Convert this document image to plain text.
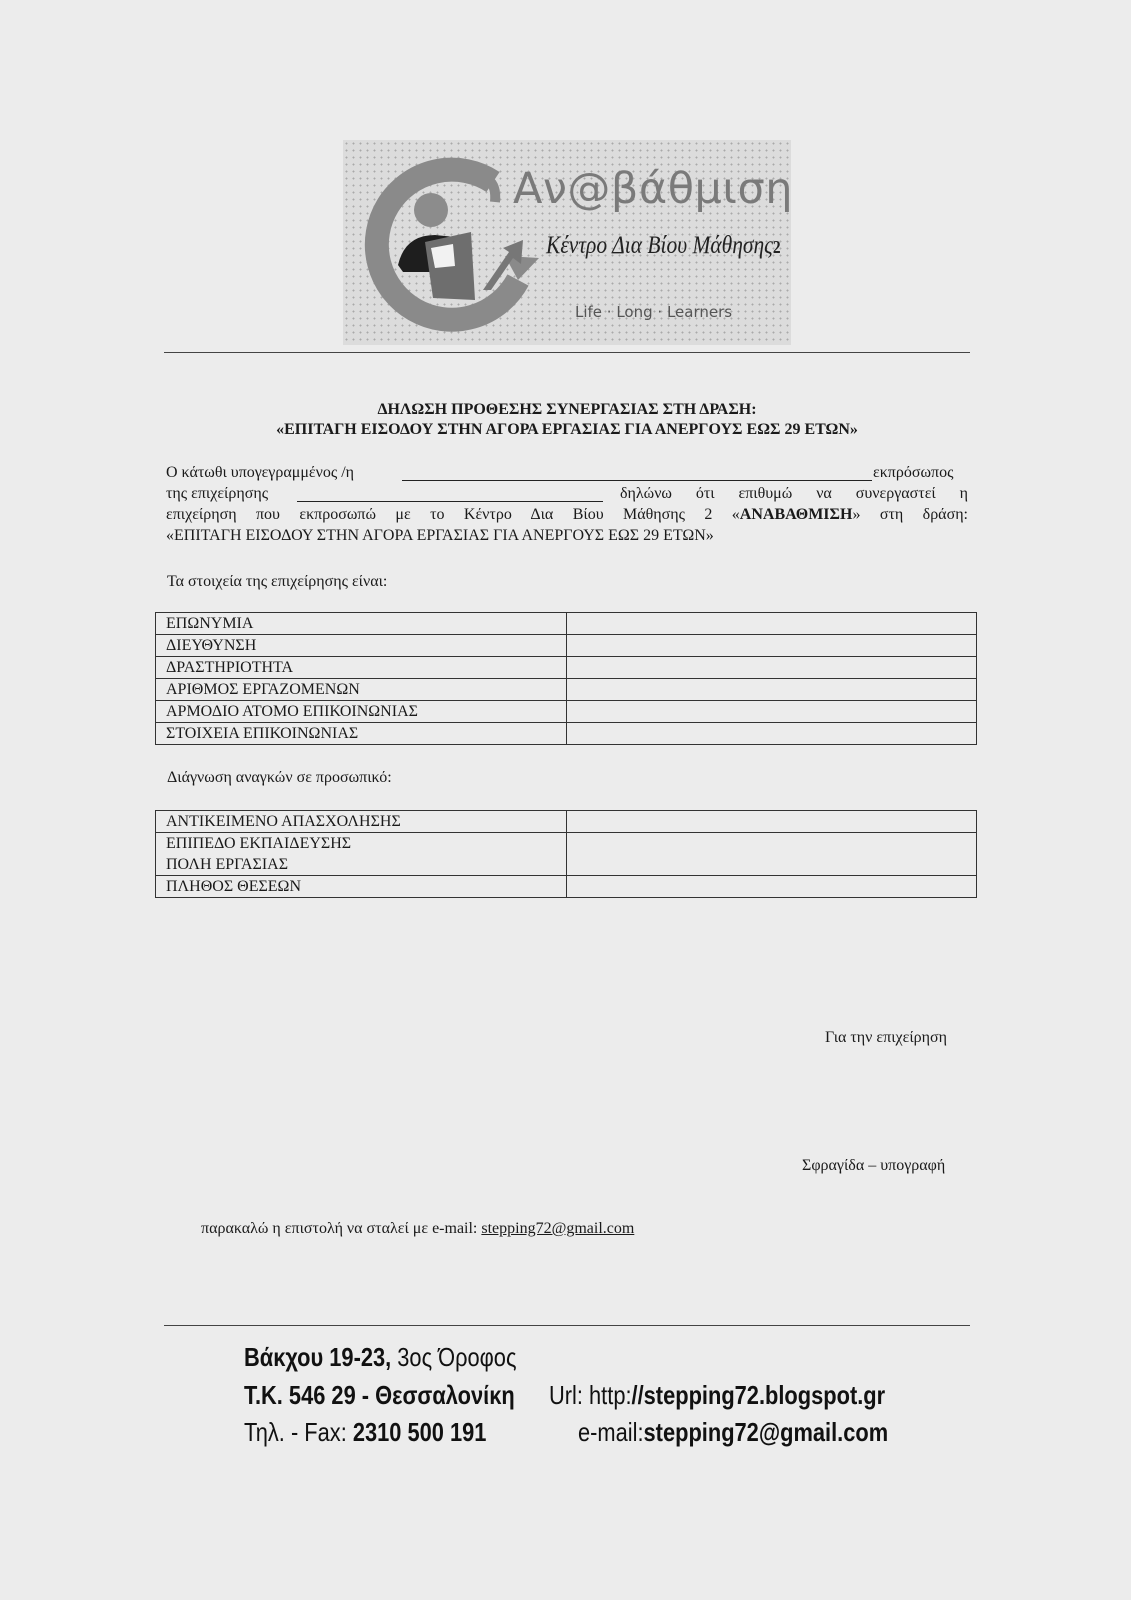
Αν@βάθμιση
Κέντρο Δια Βίου Μάθησης2
Life · Long · Learners
ΔΗΛΩΣΗ ΠΡΟΘΕΣΗΣ ΣΥΝΕΡΓΑΣΙΑΣ ΣΤΗ ΔΡΑΣΗ:
«ΕΠΙΤΑΓΗ ΕΙΣΟΔΟΥ ΣΤΗΝ ΑΓΟΡΑ ΕΡΓΑΣΙΑΣ ΓΙΑ ΑΝΕΡΓΟΥΣ ΕΩΣ 29 ΕΤΩΝ»
Ο κάτωθι υπογεγραμμένος /η	εκπρόσωπος
της επιχείρησης	δηλώνω ότι επιθυμώ να συνεργαστεί η
επιχείρηση που εκπροσωπώ με το Κέντρο Δια Βίου Μάθησης 2 «ΑΝΑΒΑΘΜΙΣΗ» στη δράση:
«ΕΠΙΤΑΓΗ ΕΙΣΟΔΟΥ ΣΤΗΝ ΑΓΟΡΑ ΕΡΓΑΣΙΑΣ ΓΙΑ ΑΝΕΡΓΟΥΣ ΕΩΣ 29 ΕΤΩΝ»
Τα στοιχεία της επιχείρησης είναι:
ΕΠΩΝΥΜΙΑ	
ΔΙΕΥΘΥΝΣΗ	
ΔΡΑΣΤΗΡΙΟΤΗΤΑ	
ΑΡΙΘΜΟΣ ΕΡΓΑΖΟΜΕΝΩΝ	
ΑΡΜΟΔΙΟ ΑΤΟΜΟ ΕΠΙΚΟΙΝΩΝΙΑΣ	
ΣΤΟΙΧΕΙΑ ΕΠΙΚΟΙΝΩΝΙΑΣ	
Διάγνωση αναγκών σε προσωπικό:
ΑΝΤΙΚΕΙΜΕΝΟ ΑΠΑΣΧΟΛΗΣΗΣ	
ΕΠΙΠΕΔΟ ΕΚΠΑΙΔΕΥΣΗΣ	
ΠΟΛΗ ΕΡΓΑΣΙΑΣ	
ΠΛΗΘΟΣ ΘΕΣΕΩΝ	
Για την επιχείρηση
Σφραγίδα – υπογραφή
παρακαλώ η επιστολή να σταλεί με e-mail: stepping72@gmail.com
Βάκχου 19-23, 3ος Όροφος
Τ.Κ. 546 29 - Θεσσαλονίκη
Τηλ. - Fax: 2310 500 191
Url: http://stepping72.blogspot.gr
e-mail:stepping72@gmail.com
